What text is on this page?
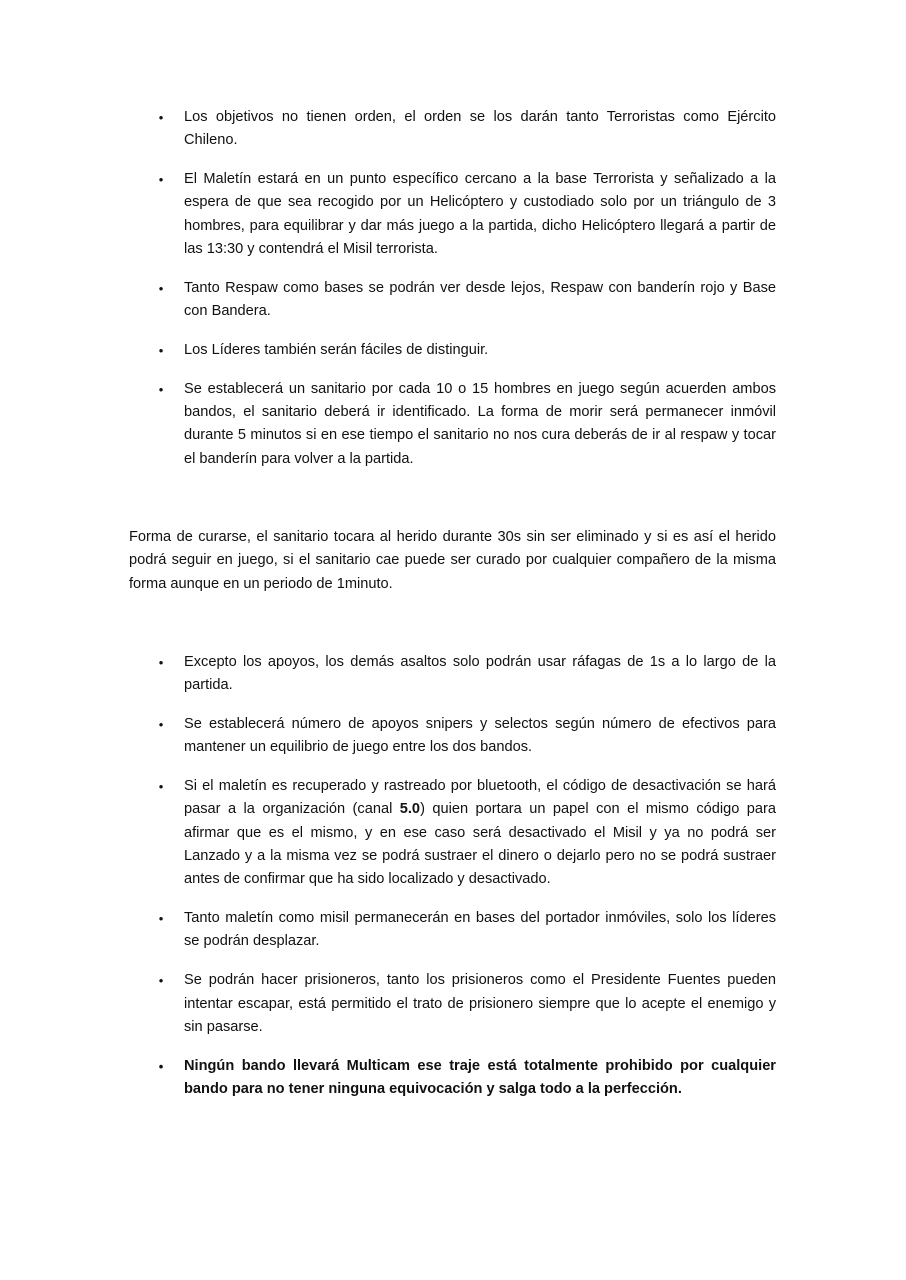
• Los objetivos no tienen orden, el orden se los darán tanto Terroristas como Ejército Chileno.
• El Maletín estará en un punto específico cercano a la base Terrorista y señalizado a la espera de que sea recogido por un Helicóptero y custodiado solo por un triángulo de 3 hombres, para equilibrar y dar más juego a la partida, dicho Helicóptero llegará a partir de las 13:30 y contendrá el Misil terrorista.
• Tanto Respaw como bases se podrán ver desde lejos, Respaw con banderín rojo y Base con Bandera.
• Los Líderes también serán fáciles de distinguir.
• Se establecerá un sanitario por cada 10 o 15 hombres en juego según acuerden ambos bandos, el sanitario deberá ir identificado. La forma de morir será permanecer inmóvil durante 5 minutos si en ese tiempo el sanitario no nos cura deberás de ir al respaw y tocar el banderín para volver a la partida.

Forma de curarse, el sanitario tocara al herido durante 30s sin ser eliminado y si es así el herido podrá seguir en juego, si el sanitario cae puede ser curado por cualquier compañero de la misma forma aunque en un periodo de 1minuto.

• Excepto los apoyos, los demás asaltos solo podrán usar ráfagas de 1s a lo largo de la partida.
• Se establecerá número de apoyos snipers y selectos según número de efectivos para mantener un equilibrio de juego entre los dos bandos.
• Si el maletín es recuperado y rastreado por bluetooth, el código de desactivación se hará pasar a la organización (canal 5.0) quien portara un papel con el mismo código para afirmar que es el mismo, y en ese caso será desactivado el Misil y ya no podrá ser Lanzado y a la misma vez se podrá sustraer el dinero o dejarlo pero no se podrá sustraer antes de confirmar que ha sido localizado y desactivado.
• Tanto maletín como misil permanecerán en bases del portador inmóviles, solo los líderes se podrán desplazar.
• Se podrán hacer prisioneros, tanto los prisioneros como el Presidente Fuentes pueden intentar escapar, está permitido el trato de prisionero siempre que lo acepte el enemigo y sin pasarse.
• Ningún bando llevará Multicam ese traje está totalmente prohibido por cualquier bando para no tener ninguna equivocación y salga todo a la perfección.
